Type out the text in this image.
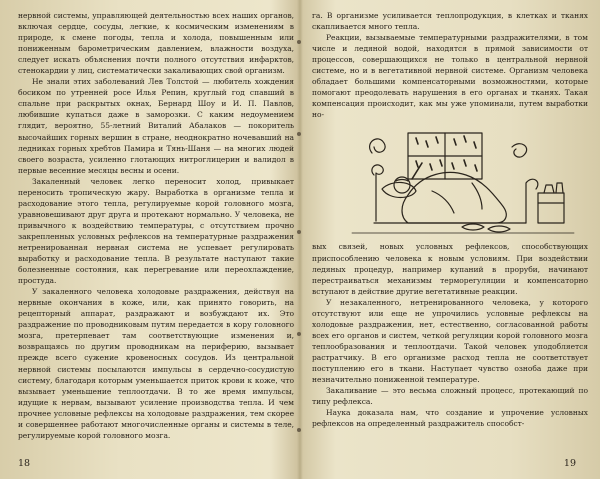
нервной системы, управляющей деятельностью всех наших органов, включая сердце, сосуды, легкие, к космическим изменениям в природе, к смене погоды, тепла и холода, повышенным или пониженным барометрическим давлением, влажности воздуха, следует искать объяснения почти полного отсутствия инфарктов, стенокардии у лиц, систематически закаливающих свой организм.

Не знали этих заболеваний Лев Толстой — любитель хождения босиком по утренней росе Илья Репин, круглый год спавший в спальне при раскрытых окнах, Бернард Шоу и И. П. Павлов, любившие купаться даже в заморозки. С каким недоумением глядит, вероятно, 55-летний Виталий Абалаков — покоритель высочайших горных вершин в стране, неоднократно ночевавший на ледниках горных хребтов Памира и Тянь-Шаня — на многих людей своего возраста, усиленно глотающих нитроглицерин и валидол в первые весенние месяцы весны и осени.

Закаленный человек легко переносит холод, привыкает переносить тропическую жару. Выработка в организме тепла и расходование этого тепла, регулируемые корой головного мозга, уравновешивают друг друга и протекают нормально. У человека, не привычного к воздействию температуры, с отсутствием прочно закрепленных условных рефлексов на температурные раздражения нетренированная нервная система не успевает регулировать выработку и расходование тепла. В результате наступают такие болезненные состояния, как перегревание или переохлаждение, простуда.

У закаленного человека холодовые раздражения, действуя на нервные окончания в коже, или, как принято говорить, на рецепторный аппарат, раздражают и возбуждают их. Это раздражение по проводниковым путям передается в кору головного мозга, претерпевает там соответствующие изменения и, возвращаясь по другим проводникам на периферию, вызывает прежде всего сужение кровеносных сосудов. Из центральной нервной системы посылаются импульсы в сердечно-сосудистую систему, благодаря которым уменьшается приток крови к коже, что вызывает уменьшение теплоотдачи. В то же время импульсы, идущие к нервам, вызывают усиление производства тепла. И чем прочнее условные рефлексы на холодовые раздражения, тем скорее и совершеннее работают многочисленные органы и системы в теле, регулируемые корой головного мозга.

18

га. В организме усиливается теплопродукция, в клетках и тканях скапливается много тепла.

Реакции, вызываемые температурными раздражителями, в том числе и ледяной водой, находятся в прямой зависимости от процессов, совершающихся не только в центральной нервной системе, но и в вегетативной нервной системе. Организм человека обладает большими компенсаторными возможностями, которые помогают преодолевать нарушения в его органах и тканях. Такая компенсация происходит, как мы уже упоминали, путем выработки но-

вых связей, новых условных рефлексов, способствующих приспособлению человека к новым условиям. При воздействии ледяных процедур, например купаний в проруби, начинают перестраиваться механизмы терморегуляции и компенсаторно вступают в действие другие вегетативные реакции.

У незакаленного, нетренированного человека, у которого отсутствуют или еще не упрочились условные рефлексы на холодовые раздражения, нет, естественно, согласованной работы всех его органов и систем, четкой регуляции корой головного мозга теплообразования и теплоотдачи. Такой человек уподобляется растратчику. В его организме расход тепла не соответствует поступлению его в ткани. Наступает чувство озноба даже при незначительно пониженной температуре.

Закаливание — это весьма сложный процесс, протекающий по типу рефлекса.

Наука доказала нам, что создание и упрочение условных рефлексов на определенный раздражитель способст-

19
